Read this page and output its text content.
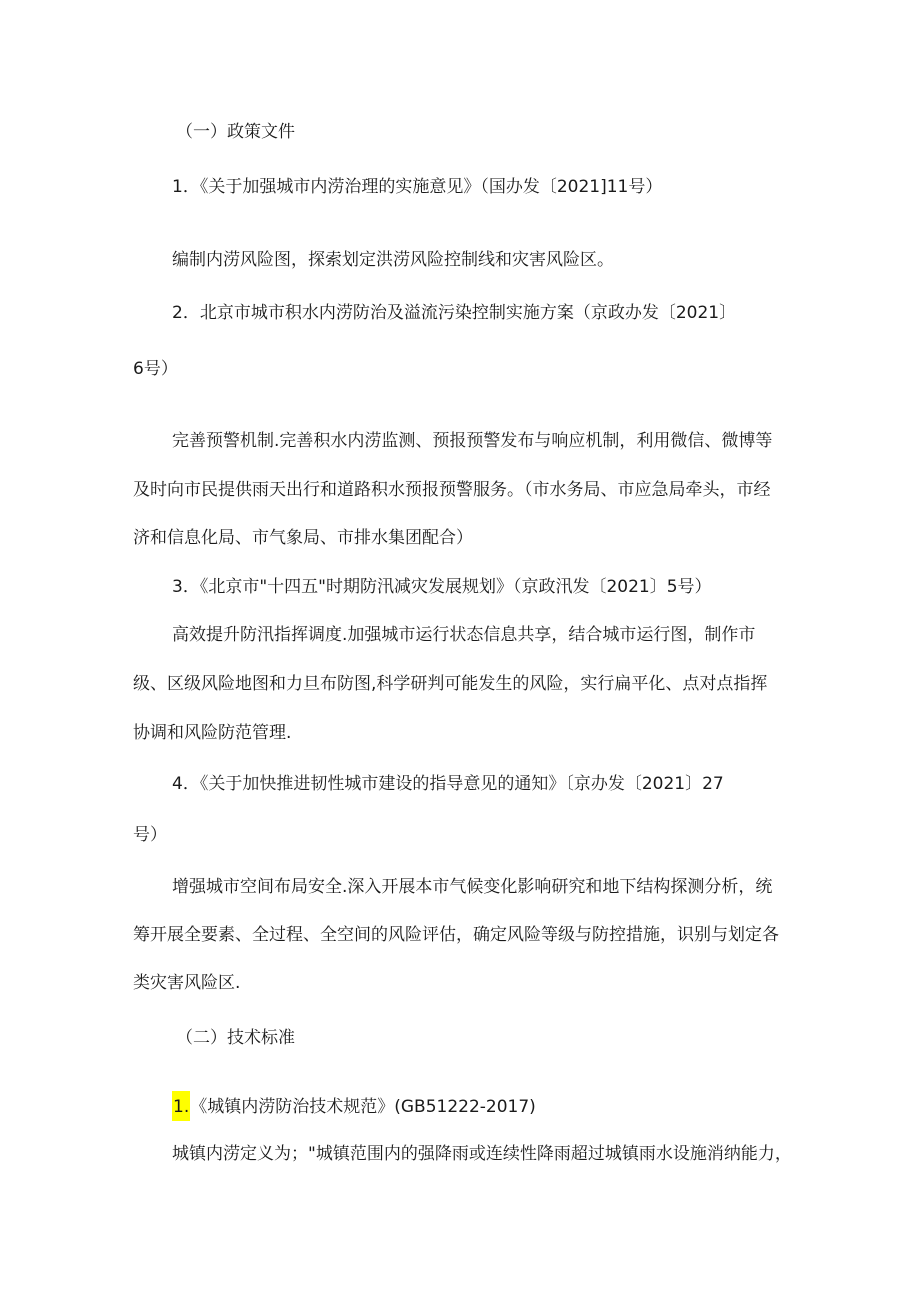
（一）政策文件
1．《关于加强城市内涝治理的实施意见》（国办发〔2021]11号）
编制内涝风险图，探索划定洪涝风险控制线和灾害风险区。
2．北京市城市积水内涝防治及溢流污染控制实施方案（京政办发〔2021〕
6号）
完善预警机制.完善积水内涝监测、预报预警发布与响应机制，利用微信、微博等
及时向市民提供雨天出行和道路积水预报预警服务。（市水务局、市应急局牵头，市经
济和信息化局、市气象局、市排水集团配合）
3．《北京市"十四五"时期防汛减灾发展规划》（京政汛发〔2021〕5号）
高效提升防汛指挥调度.加强城市运行状态信息共享，结合城市运行图，制作市
级、区级风险地图和力旦布防图,科学研判可能发生的风险，实行扁平化、点对点指挥
协调和风险防范管理.
4．《关于加快推进韧性城市建设的指导意见的通知》〔京办发〔2021〕27
号）
增强城市空间布局安全.深入开展本市气候变化影响研究和地下结构探测分析，统
筹开展全要素、全过程、全空间的风险评估，确定风险等级与防控措施，识别与划定各
类灾害风险区.
（二）技术标准
1.《城镇内涝防治技术规范》(GB51222-2017)
城镇内涝定义为；"城镇范围内的强降雨或连续性降雨超过城镇雨水设施消纳能力，
